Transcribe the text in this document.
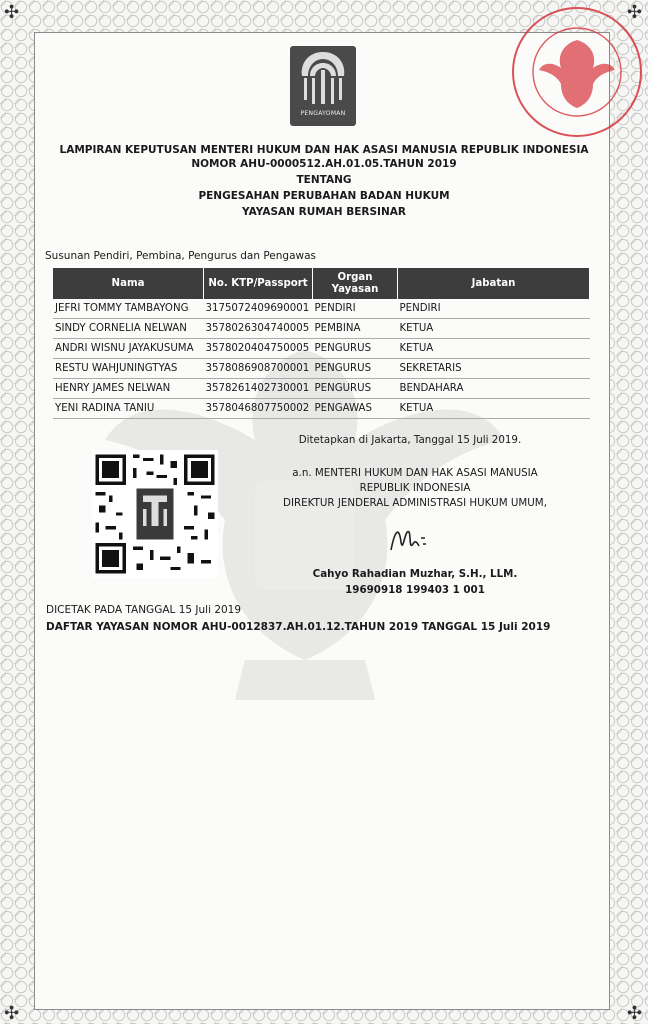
✣	✣
✣	✣
PENGAYOMAN
LAMPIRAN KEPUTUSAN MENTERI HUKUM DAN HAK ASASI MANUSIA REPUBLIK INDONESIA
NOMOR AHU-0000512.AH.01.05.TAHUN 2019
TENTANG
PENGESAHAN PERUBAHAN BADAN HUKUM
YAYASAN RUMAH BERSINAR
Susunan Pendiri, Pembina, Pengurus dan Pengawas
Nama	No. KTP/Passport	Organ Yayasan	Jabatan
JEFRI TOMMY TAMBAYONG	3175072409690001	PENDIRI	PENDIRI
SINDY CORNELIA NELWAN	3578026304740005	PEMBINA	KETUA
ANDRI WISNU JAYAKUSUMA	3578020404750005	PENGURUS	KETUA
RESTU WAHJUNINGTYAS	3578086908700001	PENGURUS	SEKRETARIS
HENRY JAMES NELWAN	3578261402730001	PENGURUS	BENDAHARA
YENI RADINA TANIU	3578046807750002	PENGAWAS	KETUA
Ditetapkan di Jakarta, Tanggal 15 Juli 2019.
a.n. MENTERI HUKUM DAN HAK ASASI MANUSIA
REPUBLIK INDONESIA
DIREKTUR JENDERAL ADMINISTRASI HUKUM UMUM,
Cahyo Rahadian Muzhar, S.H., LLM.
19690918 199403 1 001
DICETAK PADA TANGGAL 15 Juli 2019
DAFTAR YAYASAN NOMOR AHU-0012837.AH.01.12.TAHUN 2019 TANGGAL 15 Juli 2019
